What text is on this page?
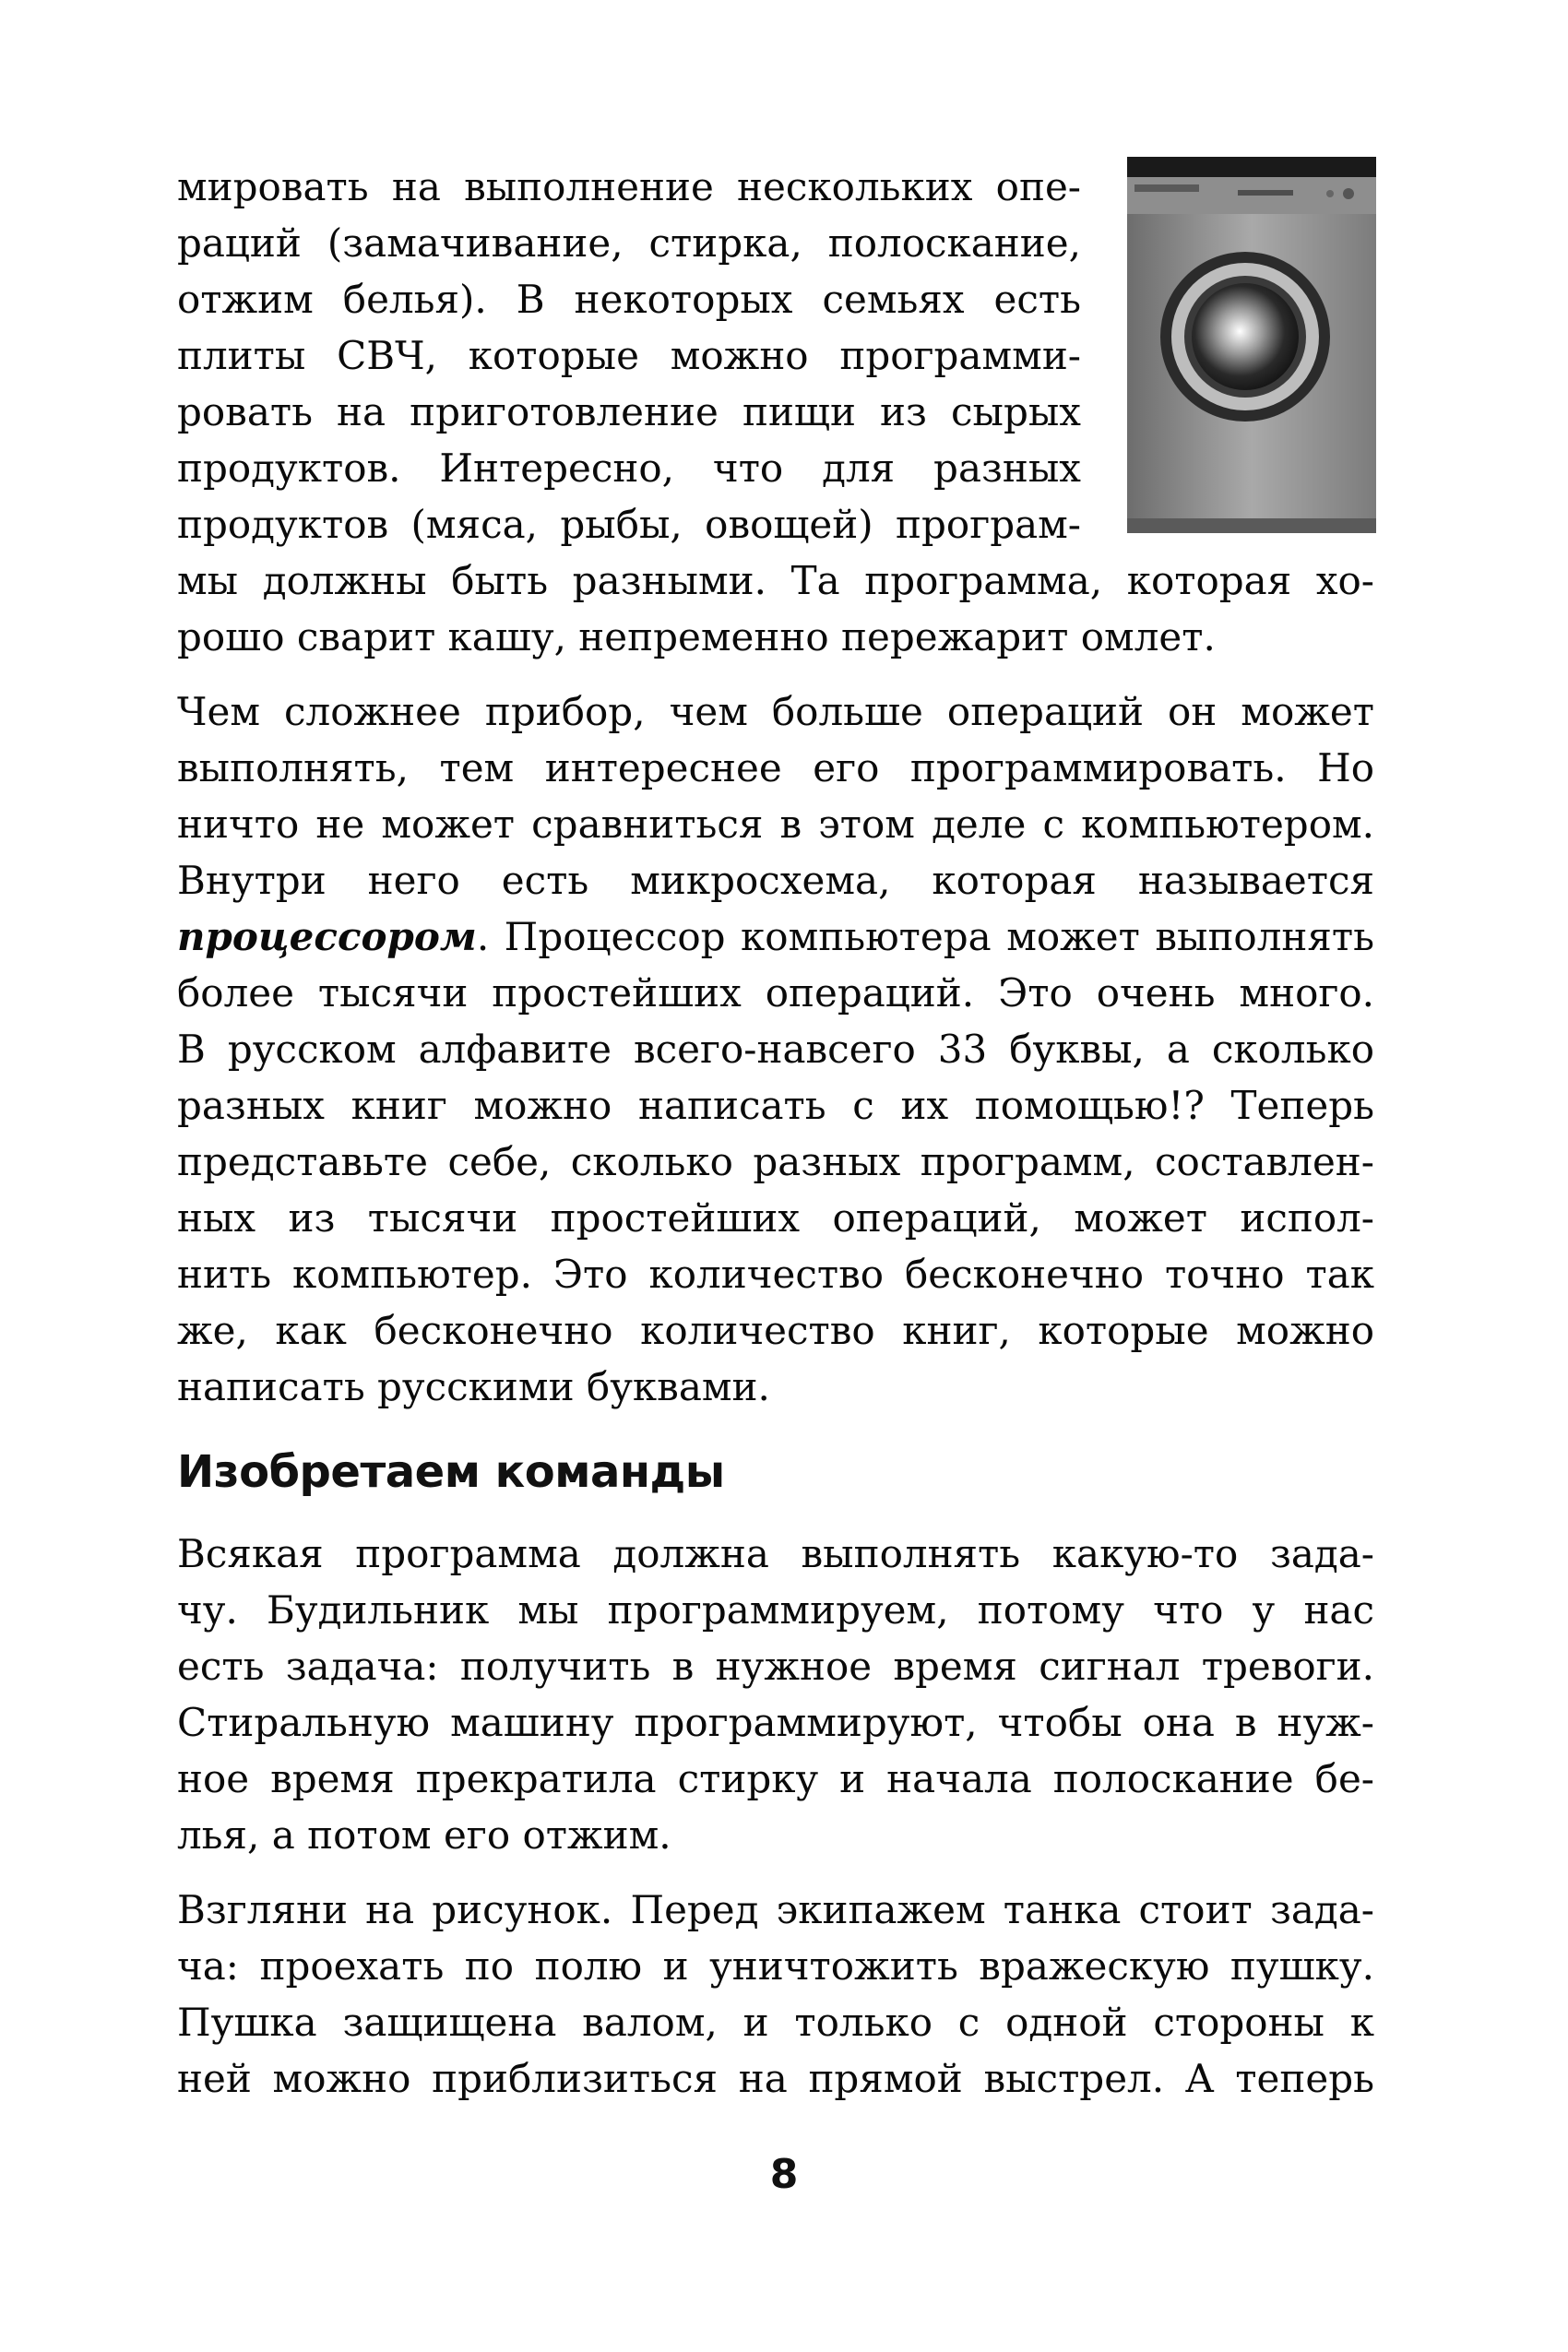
мировать на выполнение нескольких опе-
раций (замачивание, стирка, полоскание,
отжим белья). В некоторых семьях есть
плиты СВЧ, которые можно программи-
ровать на приготовление пищи из сырых
продуктов. Интересно, что для разных
продуктов (мяса, рыбы, овощей) програм-
мы должны быть разными. Та программа, которая хо-
рошо сварит кашу, непременно пережарит омлет.
Чем сложнее прибор, чем больше операций он может
выполнять, тем интереснее его программировать. Но
ничто не может сравниться в этом деле с компьютером.
Внутри него есть микросхема, которая называется
процессором. Процессор компьютера может выполнять
более тысячи простейших операций. Это очень много.
В русском алфавите всего-навсего 33 буквы, а сколько
разных книг можно написать с их помощью!? Теперь
представьте себе, сколько разных программ, составлен-
ных из тысячи простейших операций, может испол-
нить компьютер. Это количество бесконечно точно так
же, как бесконечно количество книг, которые можно
написать русскими буквами.
Изобретаем команды
Всякая программа должна выполнять какую-то зада-
чу. Будильник мы программируем, потому что у нас
есть задача: получить в нужное время сигнал тревоги.
Стиральную машину программируют, чтобы она в нуж-
ное время прекратила стирку и начала полоскание бе-
лья, а потом его отжим.
Взгляни на рисунок. Перед экипажем танка стоит зада-
ча: проехать по полю и уничтожить вражескую пушку.
Пушка защищена валом, и только с одной стороны к
ней можно приблизиться на прямой выстрел. А теперь
8
